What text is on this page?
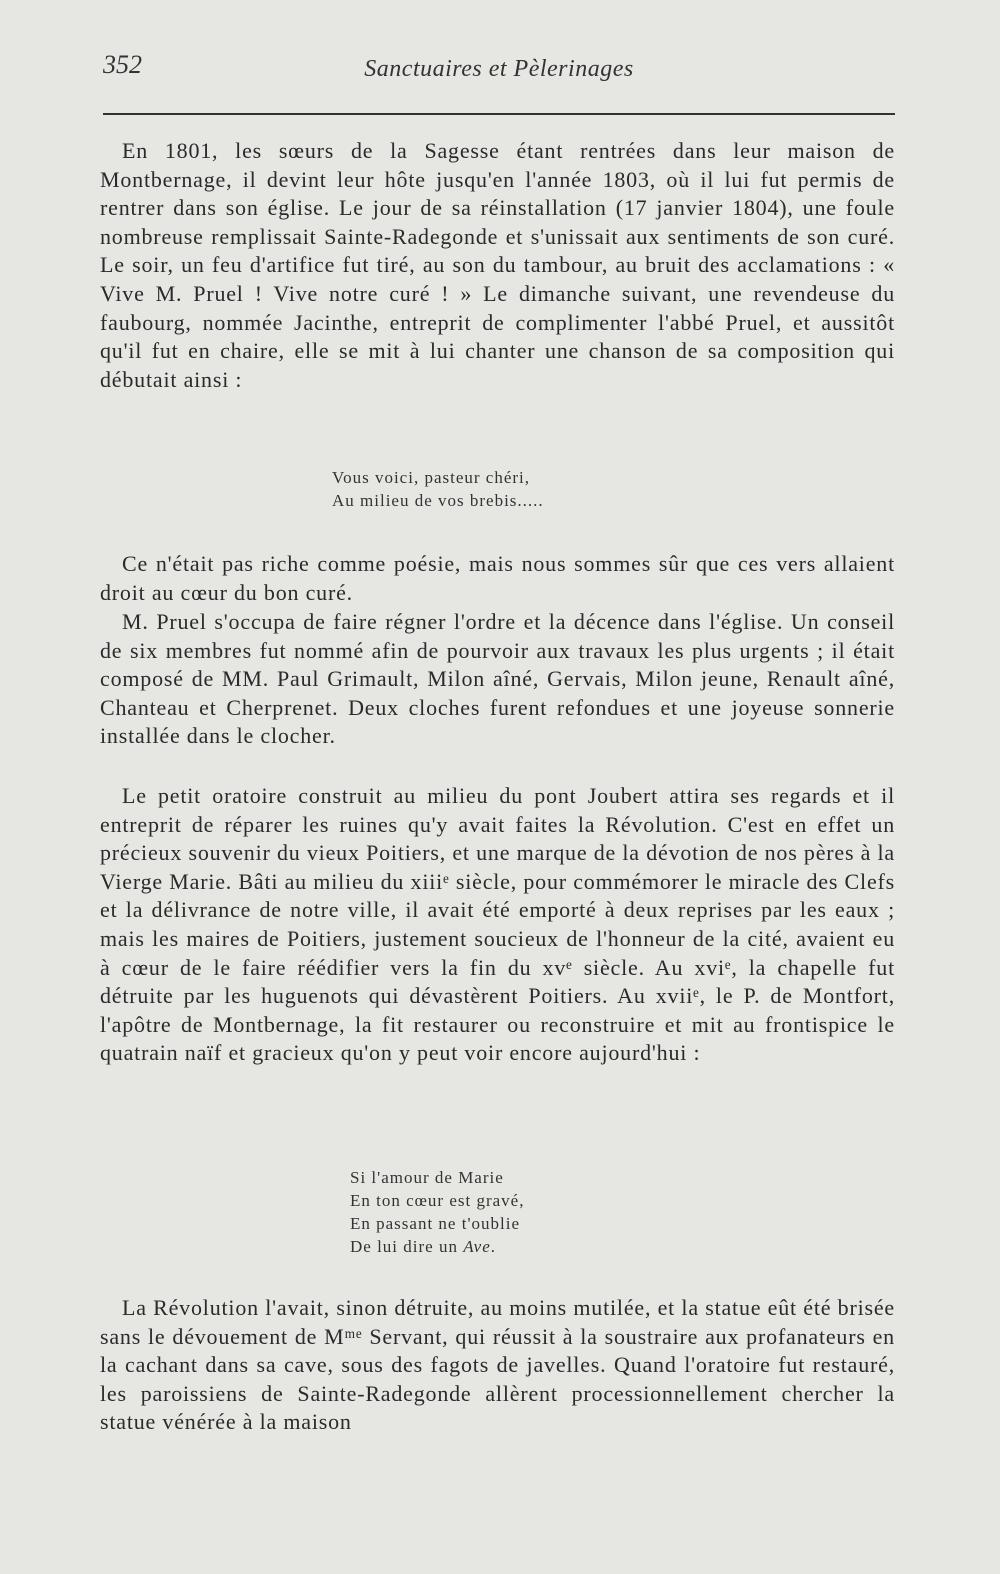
352	Sanctuaires et Pèlerinages

En 1801, les sœurs de la Sagesse étant rentrées dans leur maison de Montbernage, il devint leur hôte jusqu'en l'année 1803, où il lui fut permis de rentrer dans son église. Le jour de sa réinstallation (17 janvier 1804), une foule nombreuse remplissait Sainte-Radegonde et s'unissait aux sentiments de son curé. Le soir, un feu d'artifice fut tiré, au son du tambour, au bruit des acclamations : « Vive M. Pruel ! Vive notre curé ! » Le dimanche suivant, une revendeuse du faubourg, nommée Jacinthe, entreprit de complimenter l'abbé Pruel, et aussitôt qu'il fut en chaire, elle se mit à lui chanter une chanson de sa composition qui débutait ainsi :

Vous voici, pasteur chéri,
Au milieu de vos brebis.....

Ce n'était pas riche comme poésie, mais nous sommes sûr que ces vers allaient droit au cœur du bon curé.

M. Pruel s'occupa de faire régner l'ordre et la décence dans l'église. Un conseil de six membres fut nommé afin de pourvoir aux travaux les plus urgents ; il était composé de MM. Paul Grimault, Milon aîné, Gervais, Milon jeune, Renault aîné, Chanteau et Cherprenet. Deux cloches furent refondues et une joyeuse sonnerie installée dans le clocher.

Le petit oratoire construit au milieu du pont Joubert attira ses regards et il entreprit de réparer les ruines qu'y avait faites la Révolution. C'est en effet un précieux souvenir du vieux Poitiers, et une marque de la dévotion de nos pères à la Vierge Marie. Bâti au milieu du xiiiᵉ siècle, pour commémorer le miracle des Clefs et la délivrance de notre ville, il avait été emporté à deux reprises par les eaux ; mais les maires de Poitiers, justement soucieux de l'honneur de la cité, avaient eu à cœur de le faire réédifier vers la fin du xvᵉ siècle. Au xviᵉ, la chapelle fut détruite par les huguenots qui dévastèrent Poitiers. Au xviiᵉ, le P. de Montfort, l'apôtre de Montbernage, la fit restaurer ou reconstruire et mit au frontispice le quatrain naïf et gracieux qu'on y peut voir encore aujourd'hui :

Si l'amour de Marie
En ton cœur est gravé,
En passant ne t'oublie
De lui dire un Ave.

La Révolution l'avait, sinon détruite, au moins mutilée, et la statue eût été brisée sans le dévouement de Mᵐᵉ Servant, qui réussit à la soustraire aux profanateurs en la cachant dans sa cave, sous des fagots de javelles. Quand l'oratoire fut restauré, les paroissiens de Sainte-Radegonde allèrent processionnellement chercher la statue vénérée à la maison
